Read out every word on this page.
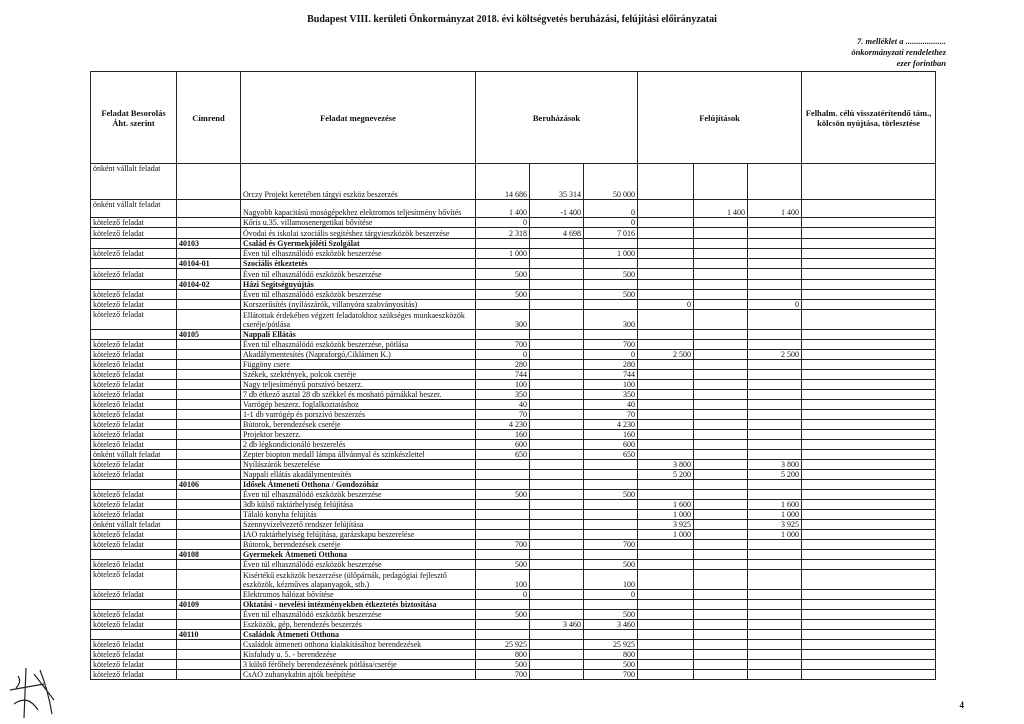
Budapest VIII. kerületi Önkormányzat 2018. évi költségvetés beruházási, felújítási előirányzatai
7. melléklet a ...................
önkormányzati rendelethez
ezer forintban
Feladat Besorolás Áht. szerint	Címrend	Feladat megnevezése	Beruházások			Felújítások			Felhalm. célú visszatérítendő tám., kölcsön nyújtása, törlesztése
önként vállalt feladat		Orczy Projekt keretében tárgyi eszköz beszerzés	14 686	35 314	50 000				
önként vállalt feladat		Nagyobb kapacitású mosógépekhez elektromos teljesítmény bővítés	1 400	-1 400	0		1 400	1 400	
kötelező feladat		Kőris u.35. villamosenergetikai bővítése	0		0				
kötelező feladat		Óvodai és iskolai szociális segítéshez tárgyieszközök beszerzése	2 318	4 698	7 016				
	40103	Család és Gyermekjóléti Szolgálat							
kötelező feladat		Éven túl elhasználódó eszközök beszerzése	1 000		1 000				
	40104-01	Szociális étkeztetés							
kötelező feladat		Éven túl elhasználódó eszközök beszerzése	500		500				
	40104-02	Házi Segítségnyújtás							
kötelező feladat		Éven túl elhasználódó eszközök beszerzése	500		500				
kötelező feladat		Korszerűsítés (nyílászárók, villanyóra szabványosítás)				0		0	
kötelező feladat		Ellátottak érdekében végzett feladatokhoz szükséges munkaeszközök cseréje/pótlása	300		300				
	40105	Nappali Ellátás							
kötelező feladat		Éven túl elhasználódó eszközök beszerzése, pótlása	700		700				
kötelező feladat		Akadálymentesítés (Napraforgó,Ciklámen K.)	0		0	2 500		2 500	
kötelező feladat		Függöny csere	280		280				
kötelező feladat		Székek, szekrények, polcok cseréje	744		744				
kötelező feladat		Nagy teljesítményű porszívó beszerz.	100		100				
kötelező feladat		7 db étkező asztal 28 db székkel és mosható párnákkal beszer.	350		350				
kötelező feladat		Varrógép beszerz. foglalkoztatáshoz	40		40				
kötelező feladat		1-1 db varrógép és porszívó beszerzés	70		70				
kötelező feladat		Bútorok, berendezések cseréje	4 230		4 230				
kötelező feladat		Projektor beszerz.	160		160				
kötelező feladat		2 db légkondicionáló beszerelés	600		600				
önként vállalt feladat		Zepter biopton medall lámpa állvánnyal és szinkészlettel	650		650				
kötelező feladat		Nyílászárók beszerelése				3 800		3 800	
kötelező feladat		Nappali ellátás akadálymentesítés				5 200		5 200	
	40106	Idősek Átmeneti Otthona / Gondozóház							
kötelező feladat		Éven túl elhasználódó eszközök beszerzése	500		500				
kötelező feladat		3db külső raktárhelyiség felújítása				1 600		1 600	
kötelező feladat		Tálaló konyha felújítás				1 000		1 000	
önként vállalt feladat		Szennyvízelvezető rendszer felújítása				3 925		3 925	
kötelező feladat		IAO raktárhelyiség felújítása, garázskapu beszerelése				1 000		1 000	
kötelező feladat		Bútorok, berendezések cseréje	700		700				
	40108	Gyermekek Átmeneti Otthona							
kötelező feladat		Éven túl elhasználódó eszközök beszerzése	500		500				
kötelező feladat		Kisértékű eszközök beszerzése (ülőpárnák, pedagógiai fejlesztő eszközök, kézműves alapanyagok, stb.)	100		100				
kötelező feladat		Elektromos hálózat bővítése	0		0				
	40109	Oktatási - nevelési intézményekben étkeztetés biztosítása							
kötelező feladat		Éven túl elhasználódó eszközök beszerzése	500		500				
kötelező feladat		Eszközök, gép, berendezés beszerzés		3 460	3 460				
	40110	Családok Átmeneti Otthona							
kötelező feladat		Családok átmeneti otthona kialakításához berendezések	25 925		25 925				
kötelező feladat		Kisfaludy u. 5. - berendezése	800		800				
kötelező feladat		3 külső férőhely berendezésének pótlása/cseréje	500		500				
kötelező feladat		CsAO zuhanykabin ajtók beépítése	700		700				
4
